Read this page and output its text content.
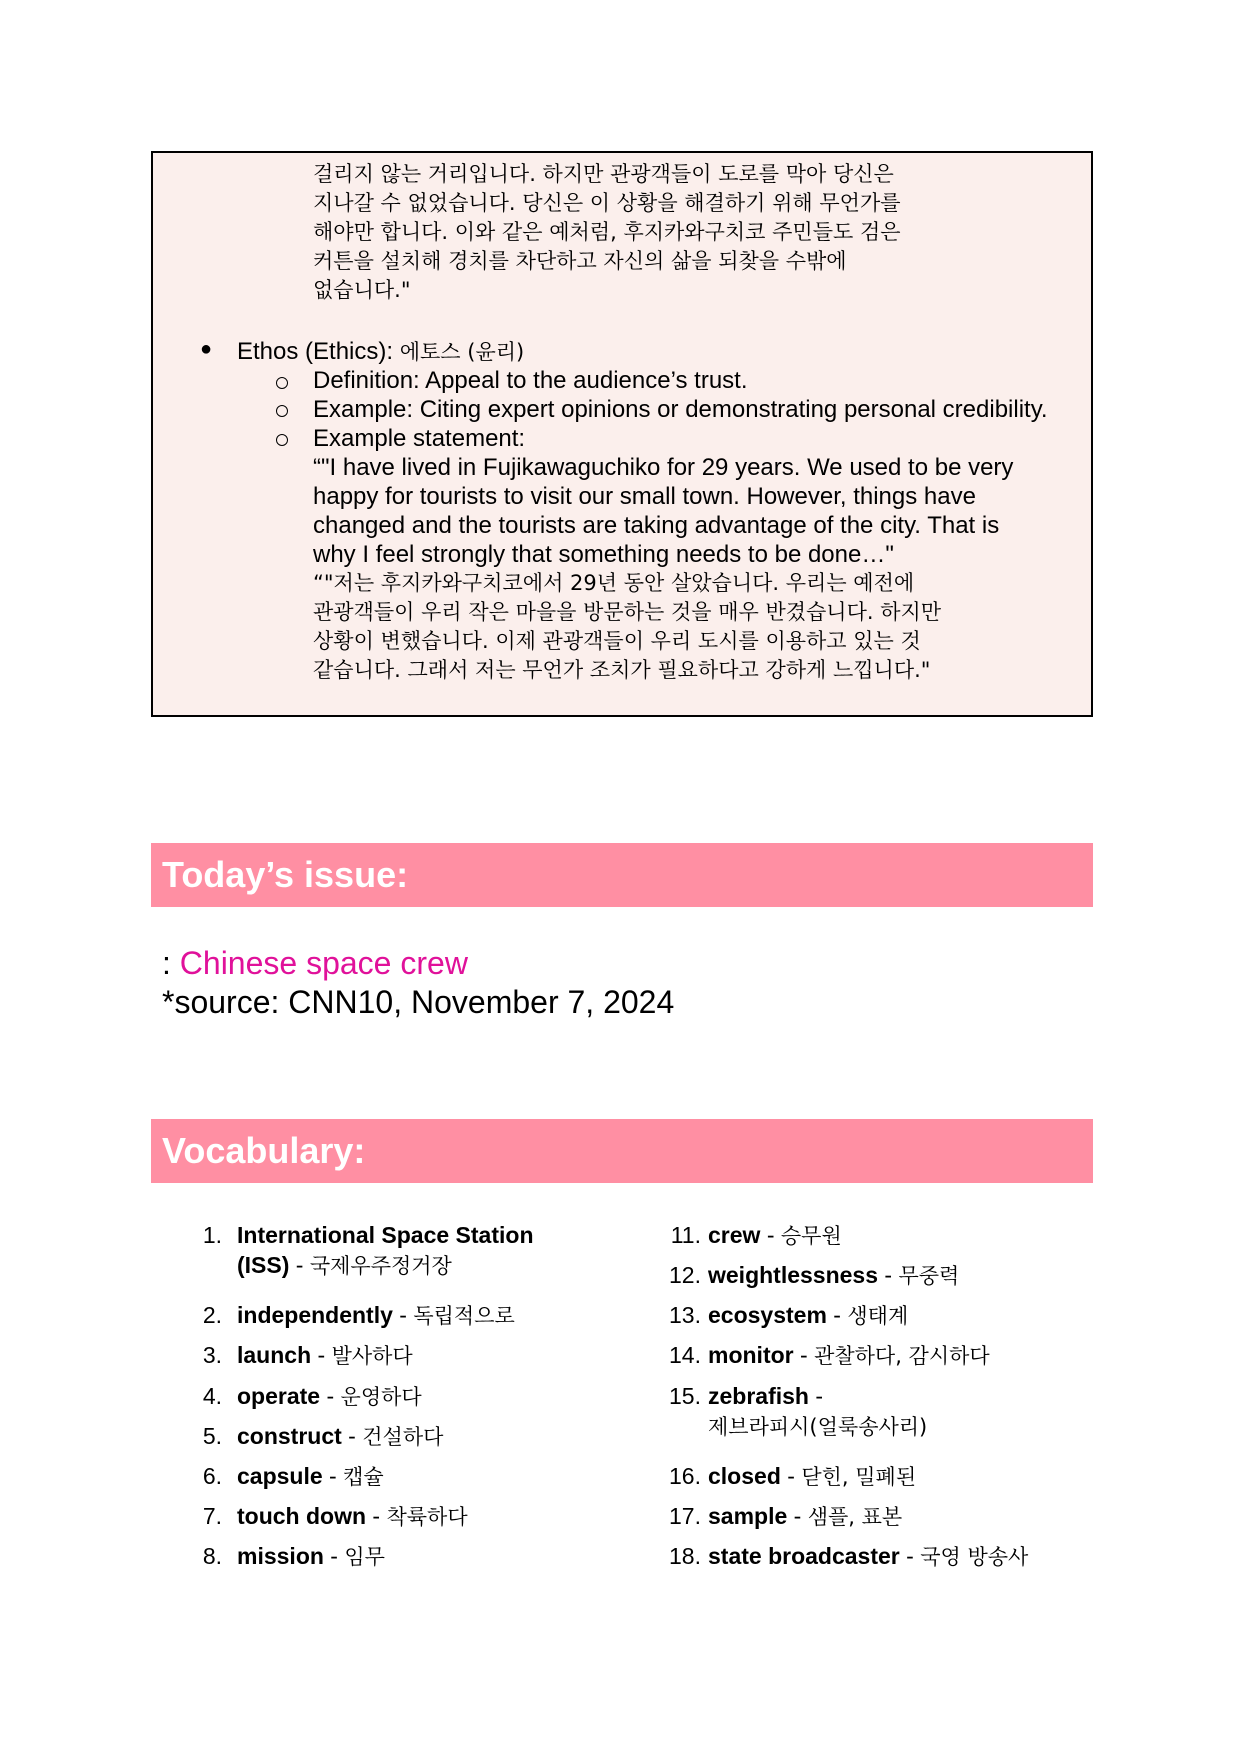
걸리지 않는 거리입니다. 하지만 관광객들이 도로를 막아 당신은
지나갈 수 없었습니다. 당신은 이 상황을 해결하기 위해 무언가를
해야만 합니다. 이와 같은 예처럼, 후지카와구치코 주민들도 검은
커튼을 설치해 경치를 차단하고 자신의 삶을 되찾을 수밖에
없습니다."
● Ethos (Ethics): 에토스 (윤리)
Definition: Appeal to the audience’s trust.
Example: Citing expert opinions or demonstrating personal credibility.
Example statement:
“"I have lived in Fujikawaguchiko for 29 years. We used to be very
happy for tourists to visit our small town. However, things have
changed and the tourists are taking advantage of the city. That is
why I feel strongly that something needs to be done…"
“"저는 후지카와구치코에서 29년 동안 살았습니다. 우리는 예전에
관광객들이 우리 작은 마을을 방문하는 것을 매우 반겼습니다. 하지만
상황이 변했습니다. 이제 관광객들이 우리 도시를 이용하고 있는 것
같습니다. 그래서 저는 무언가 조치가 필요하다고 강하게 느낍니다."
Today’s issue:
: Chinese space crew
*source: CNN10, November 7, 2024
Vocabulary:
1. International Space Station
(ISS) - 국제우주정거장
2. independently - 독립적으로
3. launch - 발사하다
4. operate - 운영하다
5. construct - 건설하다
6. capsule - 캡슐
7. touch down - 착륙하다
8. mission - 임무
11. crew - 승무원
12. weightlessness - 무중력
13. ecosystem - 생태계
14. monitor - 관찰하다, 감시하다
15. zebrafish -
제브라피시(얼룩송사리)
16. closed - 닫힌, 밀폐된
17. sample - 샘플, 표본
18. state broadcaster - 국영 방송사
